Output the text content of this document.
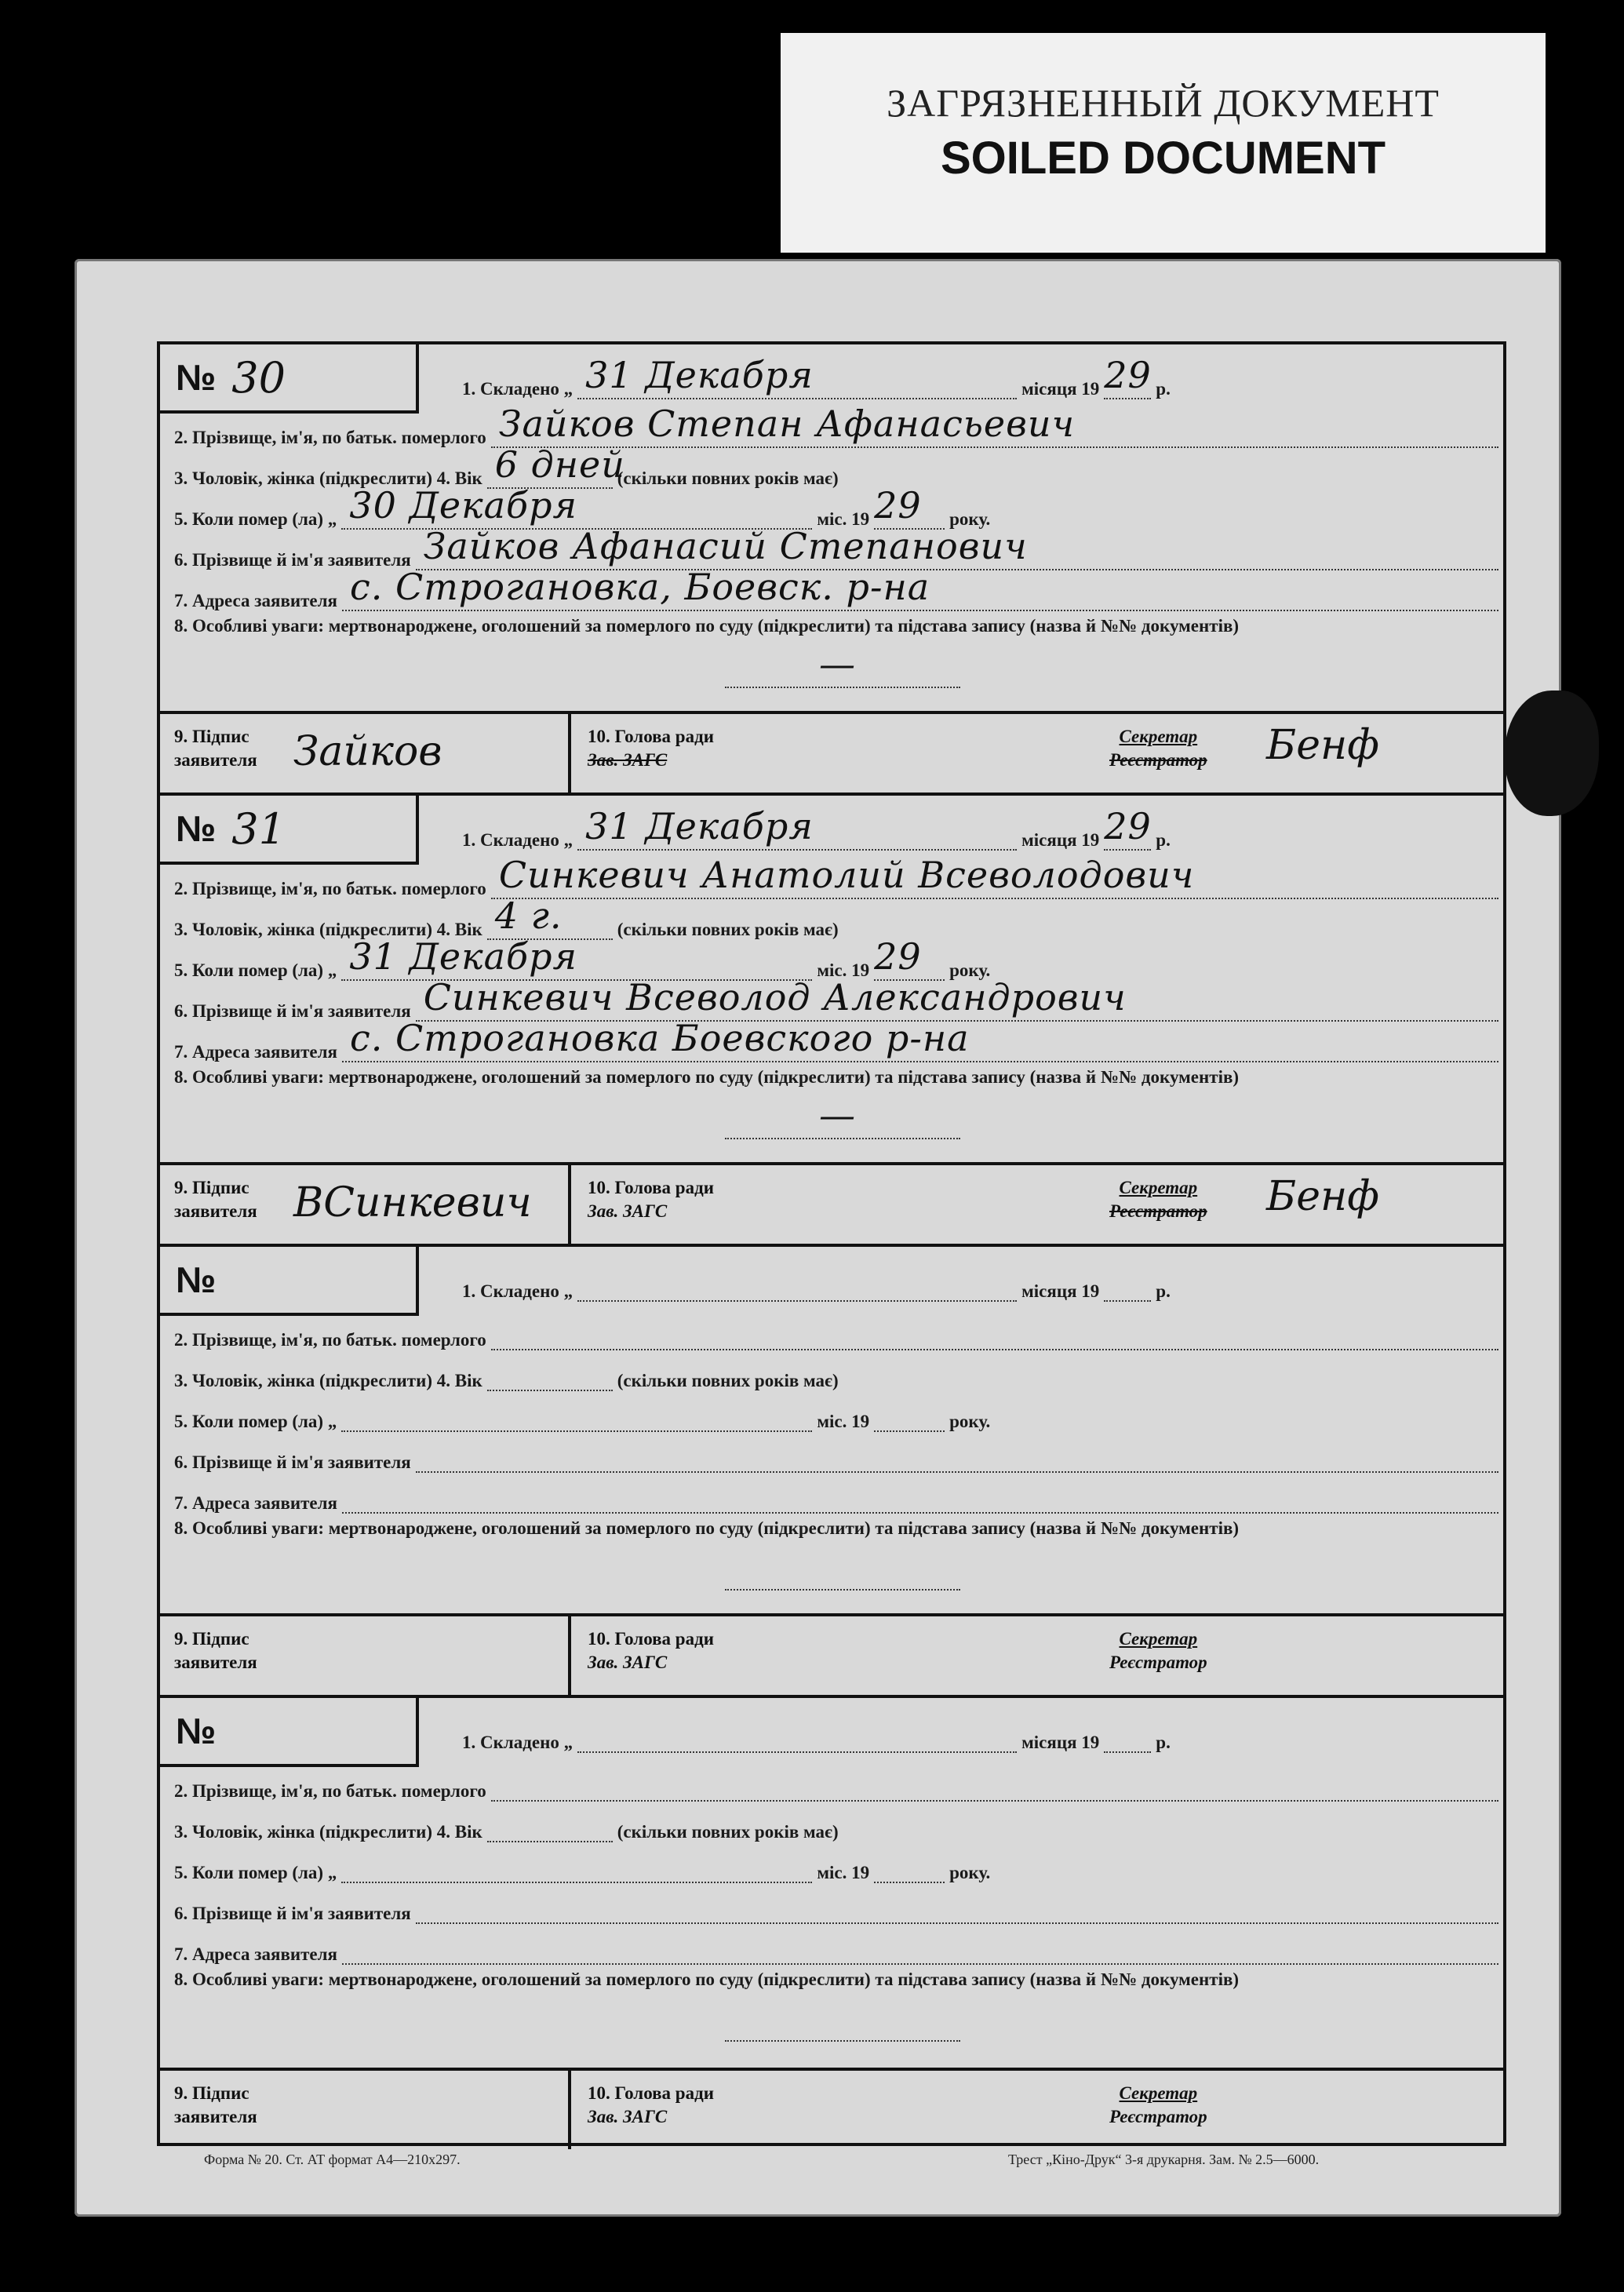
ЗАГРЯЗНЕННЫЙ ДОКУМЕНТ
SOILED DOCUMENT
№ 30	1. Складено „ 31 Декабря	місяця 19 29 р.
2. Прізвище, ім'я, по батьк. померлого Зайков Степан Афанасьевич
3. Чоловік, жінка (підкреслити) 4. Вік 6 дней
(скільки повних років має)
5. Коли помер (ла) „ 30 Декабря	міс. 19 29 року.
6. Прізвище й ім'я заявителя Зайков Афанасий Степанович
7. Адреса заявителя с. Строгановка, Боевск. р-на
8. Особливі уваги: мертвонароджене, оголошений за померлого по суду (підкреслити) та підстава запису (назва й №№ документів)
—
9. Підпис
заявителя Зайков	10. Голова ради
Зав. ЗАГС
Секретар
Реєстратор Бенф
№ 31	1. Складено „ 31 Декабря	місяця 19 29 р.
2. Прізвище, ім'я, по батьк. померлого Синкевич Анатолий Всеволодович
3. Чоловік, жінка (підкреслити) 4. Вік 4 г.	(скільки повних років має)
5. Коли помер (ла) „ 31 Декабря	міс. 19 29 року.
6. Прізвище й ім'я заявителя Синкевич Всеволод Александрович
7. Адреса заявителя с. Строгановка Боевского р-на
8. Особливі уваги: мертвонароджене, оголошений за померлого по суду (підкреслити) та підстава запису (назва й №№ документів)
—
9. Підпис
заявителя ВСинкевич	10. Голова ради
Зав. ЗАГС
Секретар
Реєстратор Бенф
№	1. Складено „	місяця 19	р.
2. Прізвище, ім'я, по батьк. померлого
3. Чоловік, жінка (підкреслити) 4. Вік	(скільки повних років має)
5. Коли помер (ла) „	міс. 19	року.
6. Прізвище й ім'я заявителя
7. Адреса заявителя
8. Особливі уваги: мертвонароджене, оголошений за померлого по суду (підкреслити) та підстава запису (назва й №№ документів)
9. Підпис
заявителя
10. Голова ради
Зав. ЗАГС
Секретар
Реєстратор
№	1. Складено „	місяця 19	р.
2. Прізвище, ім'я, по батьк. померлого
3. Чоловік, жінка (підкреслити) 4. Вік	(скільки повних років має)
5. Коли помер (ла) „	міс. 19	року.
6. Прізвище й ім'я заявителя
7. Адреса заявителя
8. Особливі уваги: мертвонароджене, оголошений за померлого по суду (підкреслити) та підстава запису (назва й №№ документів)
9. Підпис
заявителя
10. Голова ради
Зав. ЗАГС
Секретар
Реєстратор
Форма № 20. Ст. АТ формат А4—210х297.	Трест „Кіно-Друк“ 3-я друкарня. Зам. № 2.5—6000.
